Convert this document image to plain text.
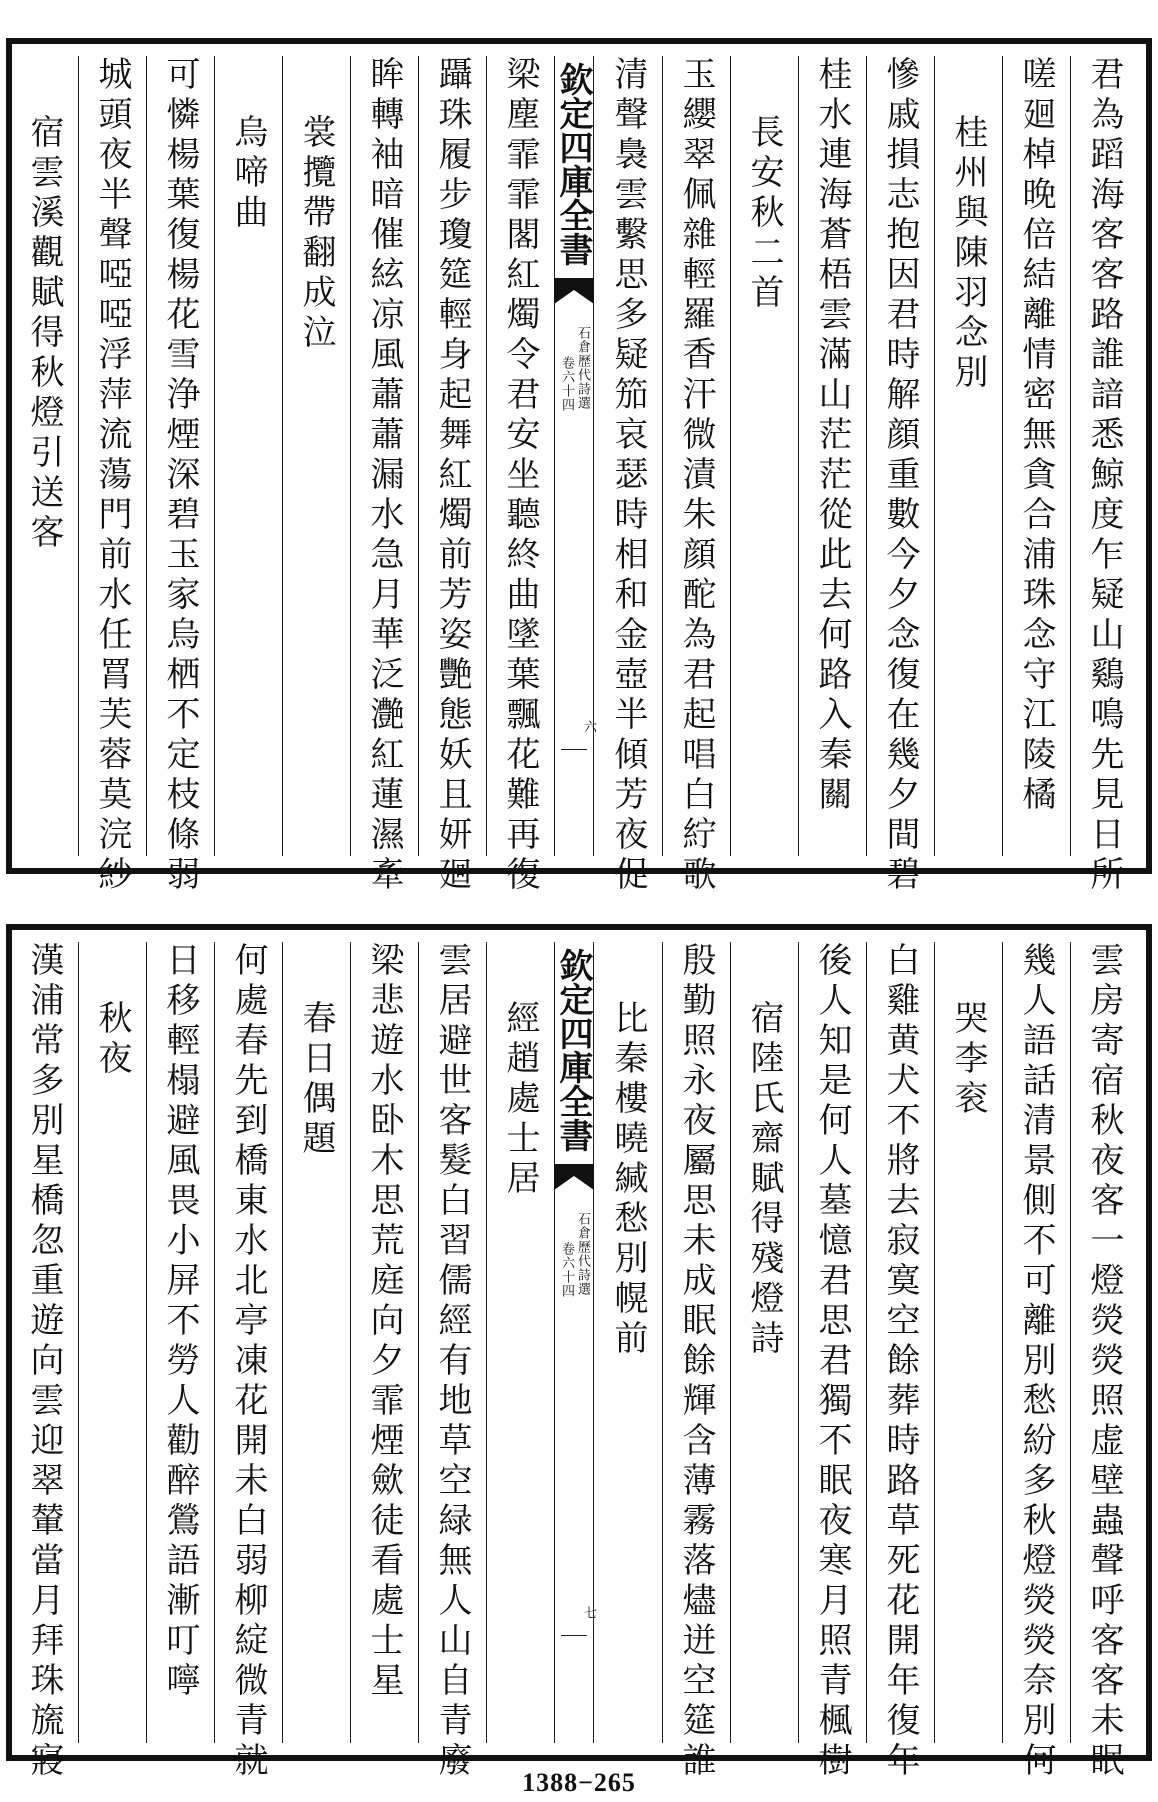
君為蹈海客客路誰諳悉鯨度乍疑山鷄鳴先見日所
嗟廻棹晚倍結離情密無貪合浦珠念守江陵橘
桂州與陳羽念別
慘戚損志抱因君時解顔重數今夕念復在幾夕間碧
桂水連海蒼梧雲滿山茫茫從此去何路入秦關
長安秋二首
玉纓翠佩雜輕羅香汗微漬朱顔酡為君起唱白紵歌
清聲裊雲繫思多疑笳哀瑟時相和金壺半傾芳夜促
梁塵霏霏閣紅燭令君安坐聽終曲墜葉飄花難再復
躡珠履步瓊筵輕身起舞紅燭前芳姿艷態妖且妍廻
眸轉袖暗催絃凉風蕭蕭漏水急月華泛灔紅蓮濕牽
裳攬帶翻成泣
烏啼曲
可憐楊葉復楊花雪浄煙深碧玉家烏栖不定枝條弱
城頭夜半聲啞啞浮萍流蕩門前水任罥芙蓉莫浣紗
宿雲溪觀賦得秋燈引送客	欽定四庫全書
石倉歷代詩選
卷六十四
六
雲房寄宿秋夜客一燈熒熒照虚壁蟲聲呼客客未眠
幾人語話清景側不可離別愁紛多秋燈熒熒奈別何
哭李衮
白雞黄犬不將去寂寞空餘葬時路草死花開年復年
後人知是何人墓憶君思君獨不眠夜寒月照青楓樹
宿陸氏齋賦得殘燈詩
殷勤照永夜屬思未成眠餘輝含薄霧落燼迸空筵誰
比秦樓曉緘愁別幌前
經趙處士居
雲居避世客髮白習儒經有地草空緑無人山自青廢
梁悲遊水卧木思荒庭向夕霏煙歛徒看處士星
春日偶題
何處春先到橋東水北亭凍花開未白弱柳綻微青就
日移輕榻避風畏小屏不勞人勸醉鶯語漸叮嚀
秋夜
漢浦常多別星橋忽重遊向雲迎翠輦當月拜珠旒寢	欽定四庫全書
石倉歷代詩選
卷六十四
七
1388−265
